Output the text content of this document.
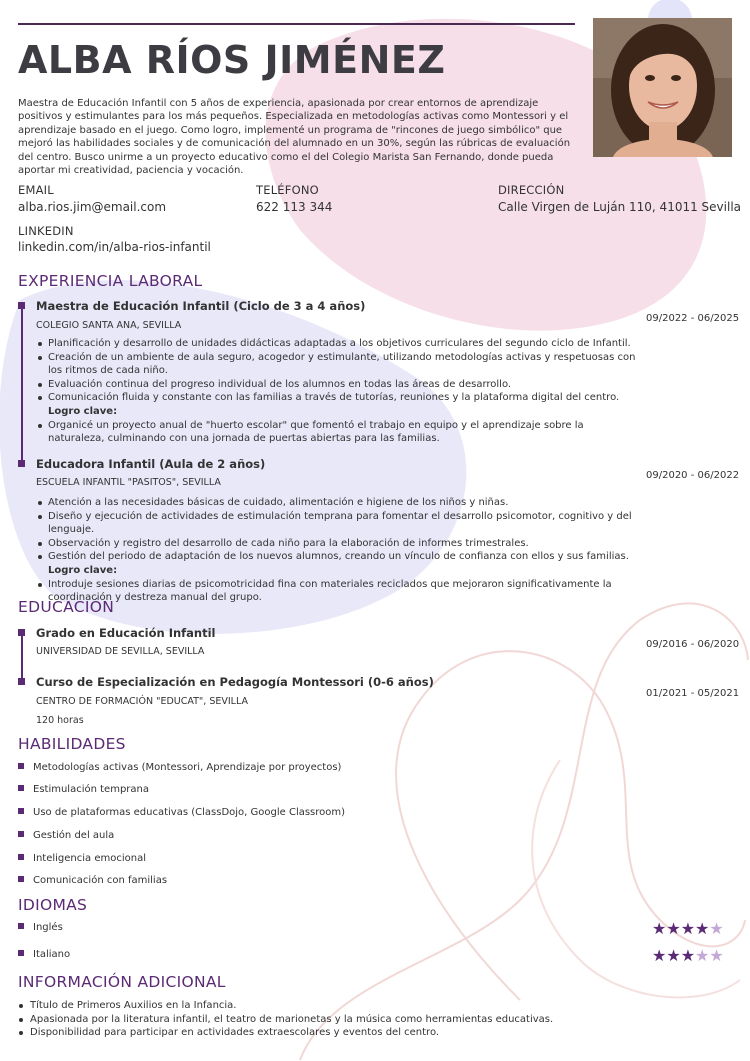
ALBA RÍOS JIMÉNEZ
Maestra de Educación Infantil con 5 años de experiencia, apasionada por crear entornos de aprendizaje positivos y estimulantes para los más pequeños. Especializada en metodologías activas como Montessori y el aprendizaje basado en el juego. Como logro, implementé un programa de "rincones de juego simbólico" que mejoró las habilidades sociales y de comunicación del alumnado en un 30%, según las rúbricas de evaluación del centro. Busco unirme a un proyecto educativo como el del Colegio Marista San Fernando, donde pueda aportar mi creatividad, paciencia y vocación.
EMAIL
alba.rios.jim@email.com
TELÉFONO
622 113 344
DIRECCIÓN
Calle Virgen de Luján 110, 41011 Sevilla
LINKEDIN
linkedin.com/in/alba-rios-infantil
EXPERIENCIA LABORAL
Maestra de Educación Infantil (Ciclo de 3 a 4 años)
COLEGIO SANTA ANA, SEVILLA
09/2022 - 06/2025
Planificación y desarrollo de unidades didácticas adaptadas a los objetivos curriculares del segundo ciclo de Infantil.
Creación de un ambiente de aula seguro, acogedor y estimulante, utilizando metodologías activas y respetuosas con los ritmos de cada niño.
Evaluación continua del progreso individual de los alumnos en todas las áreas de desarrollo.
Comunicación fluida y constante con las familias a través de tutorías, reuniones y la plataforma digital del centro.
Logro clave:
Organicé un proyecto anual de "huerto escolar" que fomentó el trabajo en equipo y el aprendizaje sobre la naturaleza, culminando con una jornada de puertas abiertas para las familias.
Educadora Infantil (Aula de 2 años)
ESCUELA INFANTIL "PASITOS", SEVILLA
09/2020 - 06/2022
Atención a las necesidades básicas de cuidado, alimentación e higiene de los niños y niñas.
Diseño y ejecución de actividades de estimulación temprana para fomentar el desarrollo psicomotor, cognitivo y del lenguaje.
Observación y registro del desarrollo de cada niño para la elaboración de informes trimestrales.
Gestión del periodo de adaptación de los nuevos alumnos, creando un vínculo de confianza con ellos y sus familias.
Logro clave:
Introduje sesiones diarias de psicomotricidad fina con materiales reciclados que mejoraron significativamente la coordinación y destreza manual del grupo.
EDUCACIÓN
Grado en Educación Infantil
UNIVERSIDAD DE SEVILLA, SEVILLA
09/2016 - 06/2020
Curso de Especialización en Pedagogía Montessori (0-6 años)
CENTRO DE FORMACIÓN "EDUCAT", SEVILLA
01/2021 - 05/2021
120 horas
HABILIDADES
Metodologías activas (Montessori, Aprendizaje por proyectos)
Estimulación temprana
Uso de plataformas educativas (ClassDojo, Google Classroom)
Gestión del aula
Inteligencia emocional
Comunicación con familias
IDIOMAS
Inglés	★★★★★
Italiano	★★★★★
INFORMACIÓN ADICIONAL
Título de Primeros Auxilios en la Infancia.
Apasionada por la literatura infantil, el teatro de marionetas y la música como herramientas educativas.
Disponibilidad para participar en actividades extraescolares y eventos del centro.
